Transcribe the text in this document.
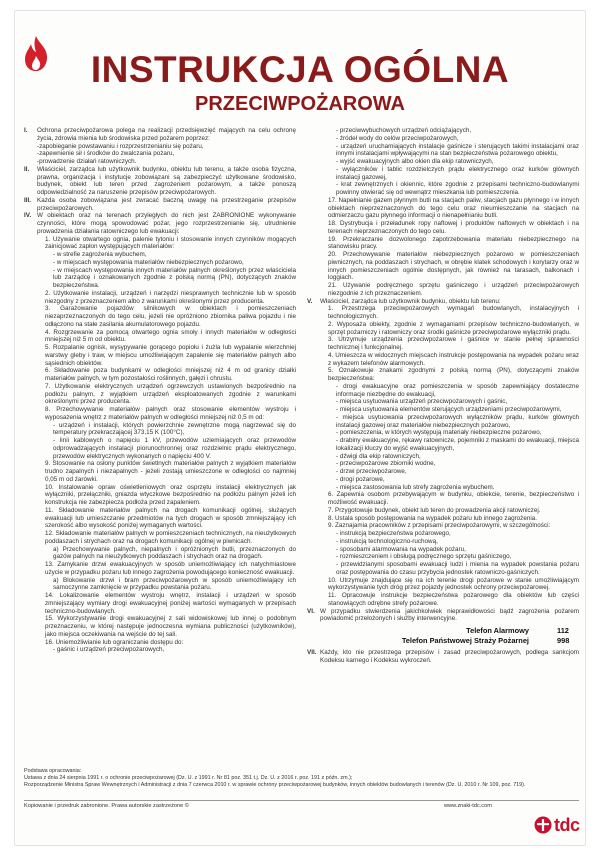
INSTRUKCJA OGÓLNA
PRZECIWPOŻAROWA
I.	Ochrona przeciwpożarowa polega na realizacji przedsięwzięć mających na celu ochronę życia, zdrowia mienia lub środowiska przed pożarem poprzez:
-zapobieganie powstawaniu i rozprzestrzenianiu się pożaru,
-zapewnienie sił i środków do zwalczania pożaru,
-prowadzenie działań ratowniczych.
II.	Właściciel, zarządca lub użytkownik budynku, obiektu lub terenu, a także osoba fizyczna, prawna, organizacja i instytucje zobowiązani są zabezpieczyć użytkowane środowisko, budynek, obiekt lub teren przed zagrożeniem pożarowym, a także ponoszą odpowiedzialność za naruszenie przepisów przeciwpożarowych.
III. Każda osoba zobowiązana jest zwracać baczną uwagę na przestrzeganie przepisów przeciwpożarowych.
IV. W obiektach oraz na terenach przyległych do nich jest ZABRONIONE wykonywanie czynności, które mogą spowodować pożar, jego rozprzestrzenianie się, utrudnienie prowadzenia działania ratowniczego lub ewakuacji:
1. Używanie otwartego ognia, palenie tytoniu i stosowanie innych czynników mogących zainicjować zapłon występujących materiałów:
- w strefie zagrożenia wybuchem,
- w miejscach występowania materiałów niebezpiecznych pożarowo,
- w miejscach występowania innych materiałów palnych określonych przez właściciela lub zarządcę i oznakowanych zgodnie z polską normą (PN), dotyczących znaków bezpieczeństwa.
2. Użytkowanie instalacji, urządzeń i narzędzi niesprawnych technicznie lub w sposób niezgodny z przeznaczeniem albo z warunkami określonymi przez producenta.
3. Garażowanie pojazdów silnikowych w obiektach i pomieszczeniach niezaprzeznaczonych do tego celu, jeżeli nie opróżniono zbiornika paliwa pojazdu i nie odłączono na stałe zasilania akumulatorowego pojazdu.
4. Rozgrzewanie za pomocą otwartego ognia smoły i innych materiałów w odległości mniejszej niż 5 m od obiektu.
5. Rozpalanie ognisk, wysypywanie gorącego popiołu i żużla lub wypalanie wierzchniej warstwy gleby i traw, w miejscu umożliwiającym zapalenie się materiałów palnych albo sąsiednich obiektów.
6. Składowanie poza budynkami w odległości mniejszej niż 4 m od granicy działki materiałów palnych, w tym pozostałości roślinnych, gałęzi i chrustu.
7. Użytkowanie elektrycznych urządzeń ogrzewczych ustawionych bezpośrednio na podłożu palnym, z wyjątkiem urządzeń eksploatowanych zgodnie z warunkami określonymi przez producenta.
8. Przechowywanie materiałów palnych oraz stosowanie elementów wystroju i wyposażenia wnętrz z materiałów palnych w odległości mniejszej niż 0,5 m od:
- urządzeń i instalacji, których powierzchnie zewnętrzne mogą nagrzewać się do temperatury przekraczającej 373,15 K (100°C),
- linii kablowych o napięciu 1 kV, przewodów uziemiających oraz przewodów odprowadzających instalacji piorunochronnej oraz rozdzielnic prądu elektrycznego, przewodów elektrycznych wykonanych o napięciu 400 V.
9. Stosowanie na osłony punktów świetlnych materiałów palnych z wyjątkiem materiałów trudno zapalnych i niezapalnych - jeżeli zostają umieszczone w odległości co najmniej 0,05 m od żarówki.
10. Instalowanie opraw oświetleniowych oraz osprzętu instalacji elektrycznych jak wyłączniki, przełączniki, gniazda wtyczkowe bezpośrednio na podłożu palnym jeżeli ich konstrukcja nie zabezpiecza podłoża przed zapaleniem.
11. Składowanie materiałów palnych na drogach komunikacji ogólnej, służących ewakuacji lub umieszczanie przedmiotów na tych drogach w sposób zmniejszający ich szerokość albo wysokość poniżej wymaganych wartości.
12. Składowanie materiałów palnych w pomieszczeniach technicznych, na nieużytkowych poddaszach i strychach oraz na drogach komunikacji ogólnej w piwnicach.
a) Przechowywanie palnych, niepalnych i opróżnionych butli, przeznaczonych do gazów palnych na nieużytkowych poddaszach i strychach oraz na drogach.
13. Zamykanie drzwi ewakuacyjnych w sposób uniemożliwiający ich natychmiastowe użycie w przypadku pożaru lub innego zagrożenia powodującego konieczność ewakuacji.
a) Blokowanie drzwi i bram przeciwpożarowych w sposób uniemożliwiający ich samoczynne zamknięcie w przypadku powstania pożaru.
14. Lokalizowanie elementów wystroju wnętrz, instalacji i urządzeń w sposób zmniejszający wymiary drogi ewakuacyjnej poniżej wartości wymaganych w przepisach techniczno-budowlanych.
15. Wykorzystywanie drogi ewakuacyjnej z sali widowiskowej lub innej o podobnym przeznaczeniu, w której następuje jednoczesna wymiana publiczności (użytkowników), jako miejsca oczekiwania na wejście do tej sali.
16. Uniemożliwianie lub ograniczanie dostępu do:
- gaśnic i urządzeń przeciwpożarowych,
- przeciwwybuchowych urządzeń odciążających,
- źródeł wody do celów przeciwpożarowych,
- urządzeń uruchamiających instalacje gaśnicze i sterujących takimi instalacjami oraz innymi instalacjami wpływającymi na stan bezpieczeństwa pożarowego obiektu,
- wyjść ewakuacyjnych albo okien dla ekip ratowniczych,
- wyłączników i tablic rozdzielczych prądu elektrycznego oraz kurków głównych instalacji gazowej,
- krat zewnętrznych i okiennic, które zgodnie z przepisami techniczno-budowlanymi powinny otwierać się od wewnątrz mieszkania lub pomieszczenia.
17. Napełnianie gazem płynnym butli na stacjach paliw, stacjach gazu płynnego i w innych obiektach nieprzeznaczonych do tego celu oraz nieumieszczanie na stacjach na odmierzaczu gazu płynnego informacji o nienapełnianiu butli.
18. Dystrybucja i przeładunek ropy naftowej i produktów naftowych w obiektach i na terenach nieprzeznaczonych do tego celu.
19. Przekraczanie dozwolonego zapotrzebowania materiału niebezpiecznego na stanowisku pracy.
20. Przechowywanie materiałów niebezpiecznych pożarowo w pomieszczeniach piwnicznych, na poddaszach i strychach, w obrębie klatek schodowych i korytarzy oraz w innych pomieszczeniach ogólnie dostępnych, jak również na tarasach, balkonach i loggiach.
21. Używanie podręcznego sprzętu gaśniczego i urządzeń przeciwpożarowych niezgodnie z ich przeznaczeniem.
V.	Właściciel, zarządca lub użytkownik budynku, obiektu lub terenu:
1. Przestrzega przeciwpożarowych wymagań budowlanych, instalacyjnych i technologicznych.
2. Wyposaża obiekty, zgodnie z wymaganiami przepisów techniczno-budowlanych, w sprzęt pożarniczy i ratowniczy oraz środki gaśnicze przeciwpożarowe wyłączniki prądu.
3. Utrzymuje urządzenia przeciwpożarowe i gaśnice w stanie pełnej sprawności technicznej i funkcjonalnej.
4. Umieszcza w widocznych miejscach instrukcje postępowania na wypadek pożaru wraz z wykazem telefonów alarmowych.
5. Oznakowuje znakami zgodnymi z polską normą (PN), dotyczącymi znaków bezpieczeństwa:
- drogi ewakuacyjne oraz pomieszczenia w sposób zapewniający dostateczne informacje niezbędne do ewakuacji,
- miejsca usytuowania urządzeń przeciwpożarowych i gaśnic,
- miejsca usytuowania elementów sterujących urządzeniami przeciwpożarowymi,
- miejsca usytuowania przeciwpożarowych wyłączników prądu, kurków głównych instalacji gazowej oraz materiałów niebezpiecznych pożarowo,
- pomieszczenia, w których występują materiały niebezpieczne pożarowo,
- drabiny ewakuacyjne, rękawy ratownicze, pojemniki z maskami do ewakuacji, miejsca lokalizacji kluczy do wyjść ewakuacyjnych,
- dźwigi dla ekip ratowniczych,
- przeciwpożarowe zbiorniki wodne,
- drzwi przeciwpożarowe,
- drogi pożarowe,
- miejsca zastosowania lub strefy zagrożenia wybuchem.
6. Zapewnia osobom przebywającym w budynku, obiekcie, terenie, bezpieczeństwo i możliwość ewakuacji.
7. Przygotowuje budynek, obiekt lub teren do prowadzenia akcji ratowniczej.
8. Ustala sposób postępowania na wypadek pożaru lub innego zagrożenia.
9. Zaznajamia pracowników z przepisami przeciwpożarowymi, w szczególności:
- instrukcją bezpieczeństwa pożarowego,
- instrukcją technologiczno-ruchową,
- sposobami alarmowania na wypadek pożaru,
- rozmieszczeniem i obsługą podręcznego sprzętu gaśniczego,
- przewidzianymi sposobami ewakuacji ludzi i mienia na wypadek powstania pożaru oraz postępowania do czasu przybycia jednostek ratowniczo-gaśniczych.
10. Utrzymuje znajdujące się na ich terenie drogi pożarowe w stanie umożliwiającym wykorzystywanie tych dróg przez pojazdy jednostek ochrony przeciwpożarowej.
11. Opracowuje instrukcje bezpieczeństwa pożarowego dla obiektów lub części stanowiących odrębne strefy pożarowe.
VI. W przypadku stwierdzenia jakichkolwiek nieprawidłowości bądź zagrożenia pożarem powiadomić przełożonych i służby interwencyjne.
Telefon Alarmowy	112
Telefon Państwowej Straży Pożarnej	998
VII. Każdy, kto nie przestrzega przepisów i zasad przeciwpożarowych, podlega sankcjom Kodeksu karnego i Kodeksu wykroczeń.
Podstawa opracowania:
Ustawa z dnia 24 sierpnia 1991 r. o ochronie przeciwpożarowej (Dz. U. z 1991 r. Nr 81 poz. 351 t.j. Dz. U. z 2016 r. poz. 191 z późn. zm.);
Rozporządzenie Ministra Spraw Wewnętrznych i Administracji z dnia 7 czerwca 2010 r. w sprawie ochrony przeciwpożarowej budynków, innych obiektów budowlanych i terenów (Dz. U. 2010 r. Nr 109, poz. 719).
Kopiowanie i przedruk zabronione. Prawa autorskie zastrzeżone ©	www.znaki-tdc.com
tdc
